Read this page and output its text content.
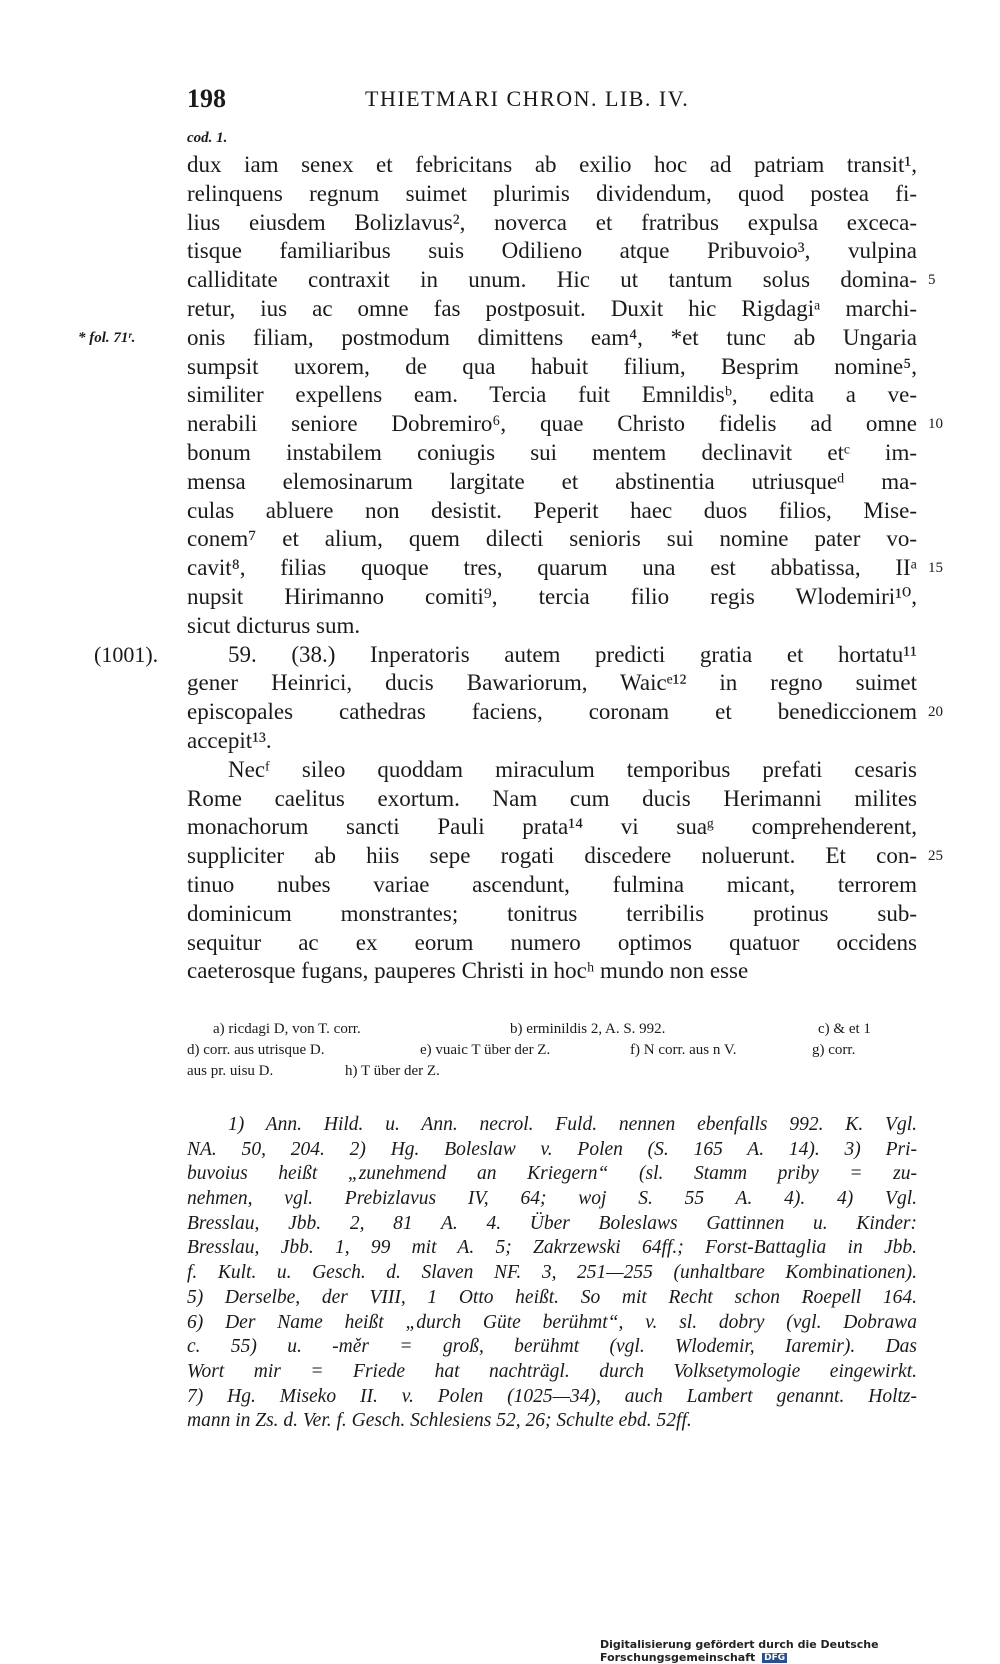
198	THIETMARI CHRON. LIB. IV.
cod. 1.
dux iam senex et febricitans ab exilio hoc ad patriam transit¹,
relinquens regnum suimet plurimis dividendum, quod postea fi-
lius eiusdem Bolizlavus², noverca et fratribus expulsa exceca-
tisque familiaribus suis Odilieno atque Pribuvoio³, vulpina
calliditate contraxit in unum. Hic ut tantum solus domina- 5
retur, ius ac omne fas postposuit. Duxit hic Rigdagiᵃ marchi-
onis filiam, postmodum dimittens eam⁴, *et tunc ab Ungaria
* fol. 71ʳ.
sumpsit uxorem, de qua habuit filium, Besprim nomine⁵,
similiter expellens eam. Tercia fuit Emnildisᵇ, edita a ve-
nerabili seniore Dobremiro⁶, quae Christo fidelis ad omne 10
bonum instabilem coniugis sui mentem declinavit etᶜ im-
mensa elemosinarum largitate et abstinentia utriusqueᵈ ma-
culas abluere non desistit. Peperit haec duos filios, Mise-
conem⁷ et alium, quem dilecti senioris sui nomine pater vo-
cavit⁸, filias quoque tres, quarum una est abbatissa, IIᵃ 15
nupsit Hirimanno comiti⁹, tercia filio regis Wlodemiri¹⁰,
sicut dicturus sum.
59. (38.) Inperatoris autem predicti gratia et hortatu¹¹
(1001).
gener Heinrici, ducis Bawariorum, Waicᵉ¹² in regno suimet
episcopales cathedras faciens, coronam et benediccionem 20
accepit¹³.
Necᶠ sileo quoddam miraculum temporibus prefati cesaris
Rome caelitus exortum. Nam cum ducis Herimanni milites
monachorum sancti Pauli prata¹⁴ vi suaᵍ comprehenderent,
suppliciter ab hiis sepe rogati discedere noluerunt. Et con- 25
tinuo nubes variae ascendunt, fulmina micant, terrorem
dominicum monstrantes; tonitrus terribilis protinus sub-
sequitur ac ex eorum numero optimos quatuor occidens
caeterosque fugans, pauperes Christi in hocʰ mundo non esse
a) ricdagi D, von T. corr.	b) erminildis 2, A. S. 992.	c) & et 1
d) corr. aus utrisque D.	e) vuaic T über der Z.	f) N corr. aus n V.	g) corr.
aus pr. uisu D.	h) T über der Z.
1) Ann. Hild. u. Ann. necrol. Fuld. nennen ebenfalls 992. K. Vgl.
NA. 50, 204. 2) Hg. Boleslaw v. Polen (S. 165 A. 14). 3) Pri-
buvoius heißt „zunehmend an Kriegern“ (sl. Stamm priby = zu-
nehmen, vgl. Prebizlavus IV, 64; woj S. 55 A. 4). 4) Vgl.
Bresslau, Jbb. 2, 81 A. 4. Über Boleslaws Gattinnen u. Kinder:
Bresslau, Jbb. 1, 99 mit A. 5; Zakrzewski 64ff.; Forst-Battaglia in Jbb.
f. Kult. u. Gesch. d. Slaven NF. 3, 251—255 (unhaltbare Kombinationen).
5) Derselbe, der VIII, 1 Otto heißt. So mit Recht schon Roepell 164.
6) Der Name heißt „durch Güte berühmt“, v. sl. dobry (vgl. Dobrawa
c. 55) u. -měr = groß, berühmt (vgl. Wlodemir, Iaremir). Das
Wort mir = Friede hat nachträgl. durch Volksetymologie eingewirkt.
7) Hg. Miseko II. v. Polen (1025—34), auch Lambert genannt. Holtz-
mann in Zs. d. Ver. f. Gesch. Schlesiens 52, 26; Schulte ebd. 52ff.
Digitalisierung gefördert durch die Deutsche Forschungsgemeinschaft DFG
